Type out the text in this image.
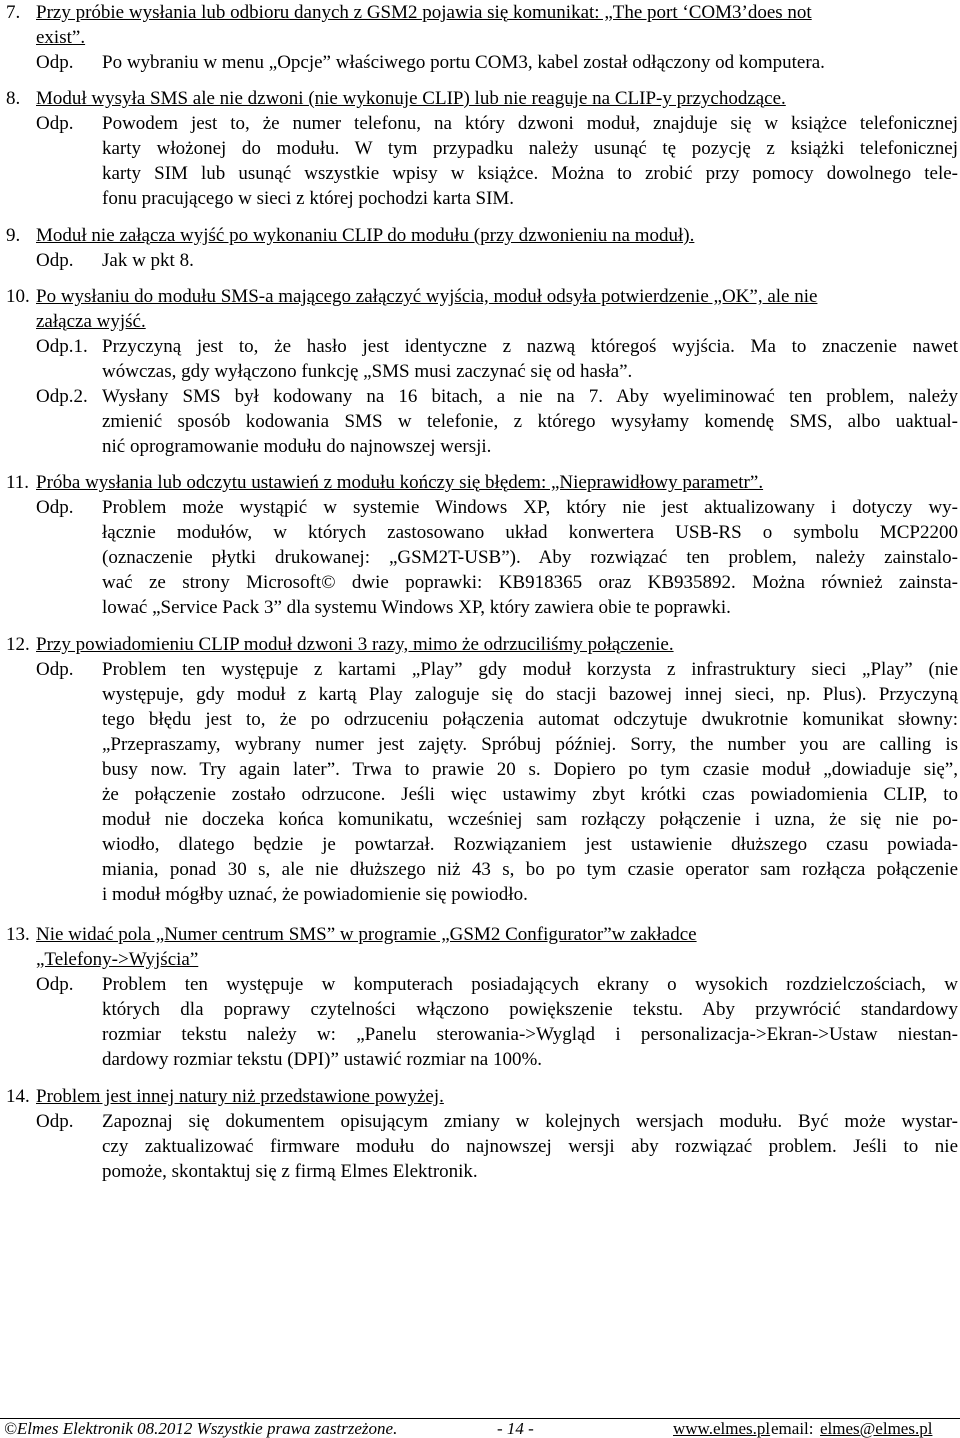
7. Przy próbie wysłania lub odbioru danych z GSM2 pojawia się komunikat: „The port ‘COM3’does not
exist”.
Odp. Po wybraniu w menu „Opcje” właściwego portu COM3, kabel został odłączony od komputera.
8. Moduł wysyła SMS ale nie dzwoni (nie wykonuje CLIP) lub nie reaguje na CLIP-y przychodzące.
Odp. Powodem jest to, że numer telefonu, na który dzwoni moduł, znajduje się w książce telefonicznej
karty włożonej do modułu. W tym przypadku należy usunąć tę pozycję z książki telefonicznej
karty SIM lub usunąć wszystkie wpisy w książce. Można to zrobić przy pomocy dowolnego tele-
fonu pracującego w sieci z której pochodzi karta SIM.
9. Moduł nie załącza wyjść po wykonaniu CLIP do modułu (przy dzwonieniu na moduł).
Odp. Jak w pkt 8.
10. Po wysłaniu do modułu SMS-a mającego załączyć wyjścia, moduł odsyła potwierdzenie „OK”, ale nie
załącza wyjść.
Odp.1. Przyczyną jest to, że hasło jest identyczne z nazwą któregoś wyjścia. Ma to znaczenie nawet
wówczas, gdy wyłączono funkcję „SMS musi zaczynać się od hasła”.
Odp.2. Wysłany SMS był kodowany na 16 bitach, a nie na 7. Aby wyeliminować ten problem, należy
zmienić sposób kodowania SMS w telefonie, z którego wysyłamy komendę SMS, albo uaktual-
nić oprogramowanie modułu do najnowszej wersji.
11. Próba wysłania lub odczytu ustawień z modułu kończy się błędem: „Nieprawidłowy parametr”.
Odp. Problem może wystąpić w systemie Windows XP, który nie jest aktualizowany i dotyczy wy-
łącznie modułów, w których zastosowano układ konwertera USB-RS o symbolu MCP2200
(oznaczenie płytki drukowanej: „GSM2T-USB”). Aby rozwiązać ten problem, należy zainstalo-
wać ze strony Microsoft© dwie poprawki: KB918365 oraz KB935892. Można również zainsta-
lować „Service Pack 3” dla systemu Windows XP, który zawiera obie te poprawki.
12. Przy powiadomieniu CLIP moduł dzwoni 3 razy, mimo że odrzuciliśmy połączenie.
Odp. Problem ten występuje z kartami „Play” gdy moduł korzysta z infrastruktury sieci „Play” (nie
występuje, gdy moduł z kartą Play zaloguje się do stacji bazowej innej sieci, np. Plus). Przyczyną
tego błędu jest to, że po odrzuceniu połączenia automat odczytuje dwukrotnie komunikat słowny:
„Przepraszamy, wybrany numer jest zajęty. Spróbuj później. Sorry, the number you are calling is
busy now. Try again later”. Trwa to prawie 20 s. Dopiero po tym czasie moduł „dowiaduje się”,
że połączenie zostało odrzucone. Jeśli więc ustawimy zbyt krótki czas powiadomienia CLIP, to
moduł nie doczeka końca komunikatu, wcześniej sam rozłączy połączenie i uzna, że się nie po-
wiodło, dlatego będzie je powtarzał. Rozwiązaniem jest ustawienie dłuższego czasu powiada-
miania, ponad 30 s, ale nie dłuższego niż 43 s, bo po tym czasie operator sam rozłącza połączenie
i moduł mógłby uznać, że powiadomienie się powiodło.
13. Nie widać pola „Numer centrum SMS” w programie „GSM2 Configurator”w zakładce
„Telefony->Wyjścia”
Odp. Problem ten występuje w komputerach posiadających ekrany o wysokich rozdzielczościach, w
których dla poprawy czytelności włączono powiększenie tekstu. Aby przywrócić standardowy
rozmiar tekstu należy w: „Panelu sterowania->Wygląd i personalizacja->Ekran->Ustaw niestan-
dardowy rozmiar tekstu (DPI)” ustawić rozmiar na 100%.
14. Problem jest innej natury niż przedstawione powyżej.
Odp. Zapoznaj się dokumentem opisującym zmiany w kolejnych wersjach modułu. Być może wystar-
czy zaktualizować firmware modułu do najnowszej wersji aby rozwiązać problem. Jeśli to nie
pomoże, skontaktuj się z firmą Elmes Elektronik.
©Elmes Elektronik 08.2012 Wszystkie prawa zastrzeżone.	- 14 -	www.elmes.pl email: elmes@elmes.pl
